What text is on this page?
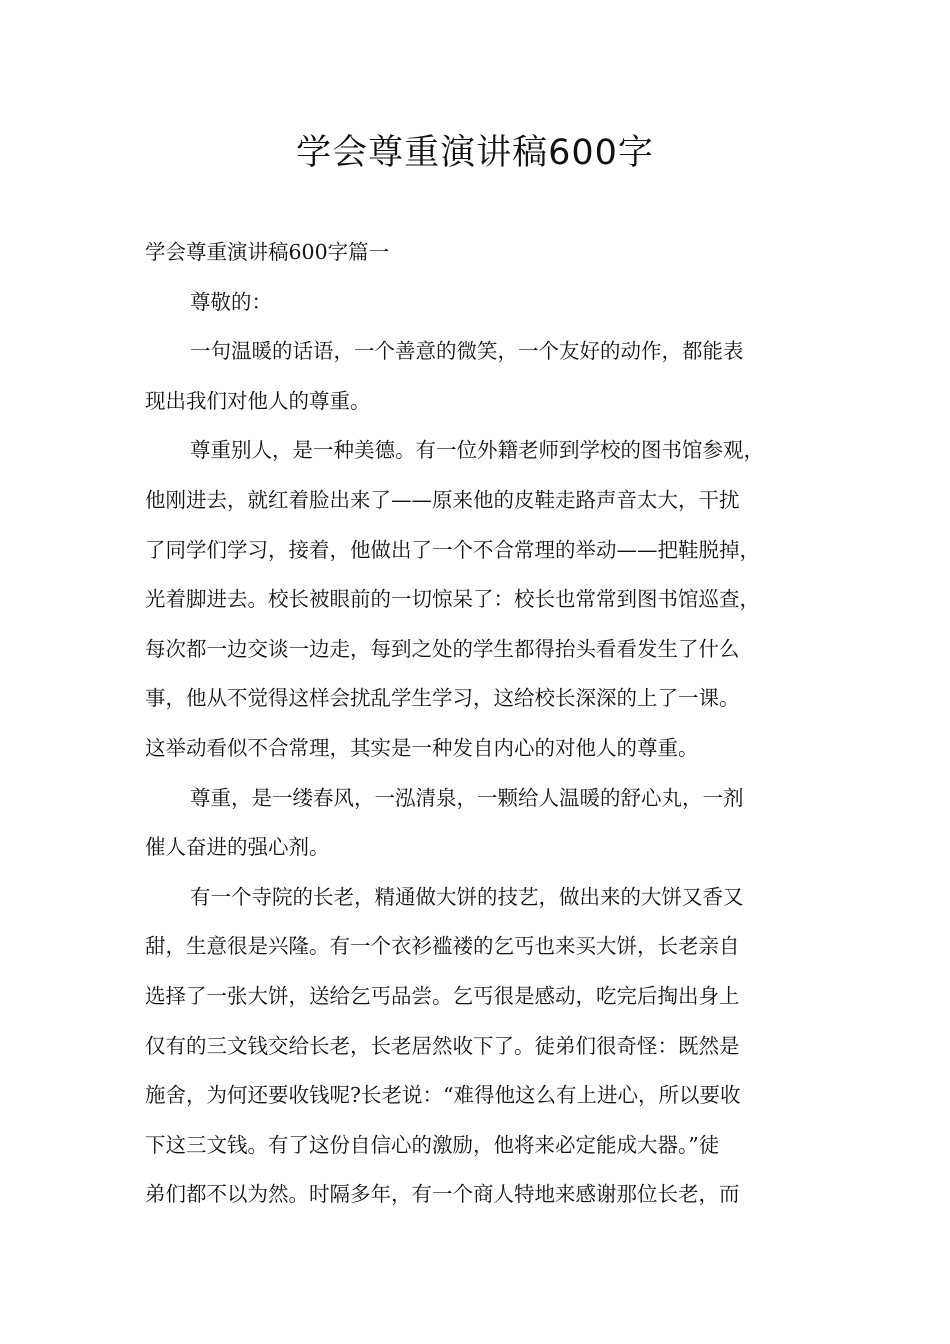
学会尊重演讲稿600字
学会尊重演讲稿600字篇一
尊敬的：
一句温暖的话语，一个善意的微笑，一个友好的动作，都能表
现出我们对他人的尊重。
尊重别人，是一种美德。有一位外籍老师到学校的图书馆参观，
他刚进去，就红着脸出来了——原来他的皮鞋走路声音太大，干扰
了同学们学习，接着，他做出了一个不合常理的举动——把鞋脱掉，
光着脚进去。校长被眼前的一切惊呆了：校长也常常到图书馆巡查，
每次都一边交谈一边走，每到之处的学生都得抬头看看发生了什么
事，他从不觉得这样会扰乱学生学习，这给校长深深的上了一课。
这举动看似不合常理，其实是一种发自内心的对他人的尊重。
尊重，是一缕春风，一泓清泉，一颗给人温暖的舒心丸，一剂
催人奋进的强心剂。
有一个寺院的长老，精通做大饼的技艺，做出来的大饼又香又
甜，生意很是兴隆。有一个衣衫褴褛的乞丐也来买大饼，长老亲自
选择了一张大饼，送给乞丐品尝。乞丐很是感动，吃完后掏出身上
仅有的三文钱交给长老，长老居然收下了。徒弟们很奇怪：既然是
施舍，为何还要收钱呢?长老说：“难得他这么有上进心，所以要收
下这三文钱。有了这份自信心的激励，他将来必定能成大器。”徒
弟们都不以为然。时隔多年，有一个商人特地来感谢那位长老，而
